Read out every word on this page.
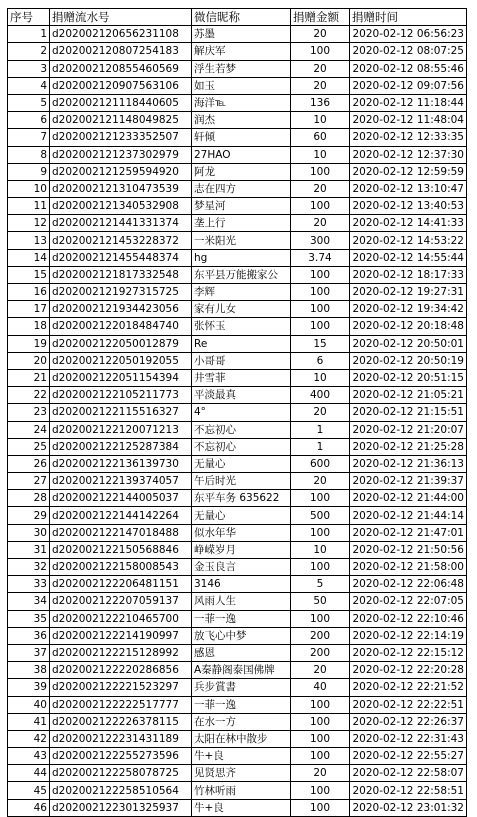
序号	捐赠流水号	微信昵称	捐赠金额	捐赠时间
1	d202002120656231108	苏墨	20	2020-02-12 06:56:23
2	d202002120807254183	解庆军	100	2020-02-12 08:07:25
3	d202002120855460569	浮生若梦	20	2020-02-12 08:55:46
4	d202002120907563106	如玉	20	2020-02-12 09:07:56
5	d202002121118440605	海洋℡	136	2020-02-12 11:18:44
6	d202002121148049825	润杰	10	2020-02-12 11:48:04
7	d202002121233352507	轩倾	60	2020-02-12 12:33:35
8	d202002121237302979	27HAO	10	2020-02-12 12:37:30
9	d202002121259594920	阿龙	100	2020-02-12 12:59:59
10	d202002121310473539	志在四方	20	2020-02-12 13:10:47
11	d202002121340532908	梦星河	100	2020-02-12 13:40:53
12	d202002121441331374	垄上行	20	2020-02-12 14:41:33
13	d202002121453228372	一米阳光	300	2020-02-12 14:53:22
14	d202002121455448374	hg	3.74	2020-02-12 14:55:44
15	d202002121817332548	东平县万能搬家公	100	2020-02-12 18:17:33
16	d202002121927315725	李辉	100	2020-02-12 19:27:31
17	d202002121934423056	家有儿女	100	2020-02-12 19:34:42
18	d202002122018484740	张怀玉	100	2020-02-12 20:18:48
19	d202002122050012879	Re	15	2020-02-12 20:50:01
20	d202002122050192055	小哥哥	6	2020-02-12 20:50:19
21	d202002122051154394	井雪菲	10	2020-02-12 20:51:15
22	d202002122105211773	平淡最真	400	2020-02-12 21:05:21
23	d202002122115516327	4°	20	2020-02-12 21:15:51
24	d202002122120071213	不忘初心	1	2020-02-12 21:20:07
25	d202002122125287384	不忘初心	1	2020-02-12 21:25:28
26	d202002122136139730	无量心	600	2020-02-12 21:36:13
27	d202002122139374057	午后时光	20	2020-02-12 21:39:37
28	d202002122144005037	东平车务 635622	100	2020-02-12 21:44:00
29	d202002122144142264	无量心	500	2020-02-12 21:44:14
30	d202002122147018488	似水年华	100	2020-02-12 21:47:01
31	d202002122150568846	峥嵘岁月	10	2020-02-12 21:50:56
32	d202002122158008543	金玉良言	100	2020-02-12 21:58:00
33	d202002122206481151	3146	5	2020-02-12 22:06:48
34	d202002122207059137	风雨人生	50	2020-02-12 22:07:05
35	d202002122210465700	一菲一逸	100	2020-02-12 22:10:46
36	d202002122214190997	放飞心中梦	200	2020-02-12 22:14:19
37	d202002122215128992	感恩	200	2020-02-12 22:15:12
38	d202002122220286856	A秦静阁泰国佛牌	20	2020-02-12 22:20:28
39	d202002122221523297	兵步賞書	40	2020-02-12 22:21:52
40	d202002122222517777	一菲一逸	100	2020-02-12 22:22:51
41	d202002122226378115	在水一方	100	2020-02-12 22:26:37
42	d202002122231431189	太阳在林中散步	100	2020-02-12 22:31:43
43	d202002122255273596	牛+良	100	2020-02-12 22:55:27
44	d202002122258078725	见贤思齐	20	2020-02-12 22:58:07
45	d202002122258510564	竹林听雨	100	2020-02-12 22:58:51
46	d202002122301325937	牛+良	100	2020-02-12 23:01:32
